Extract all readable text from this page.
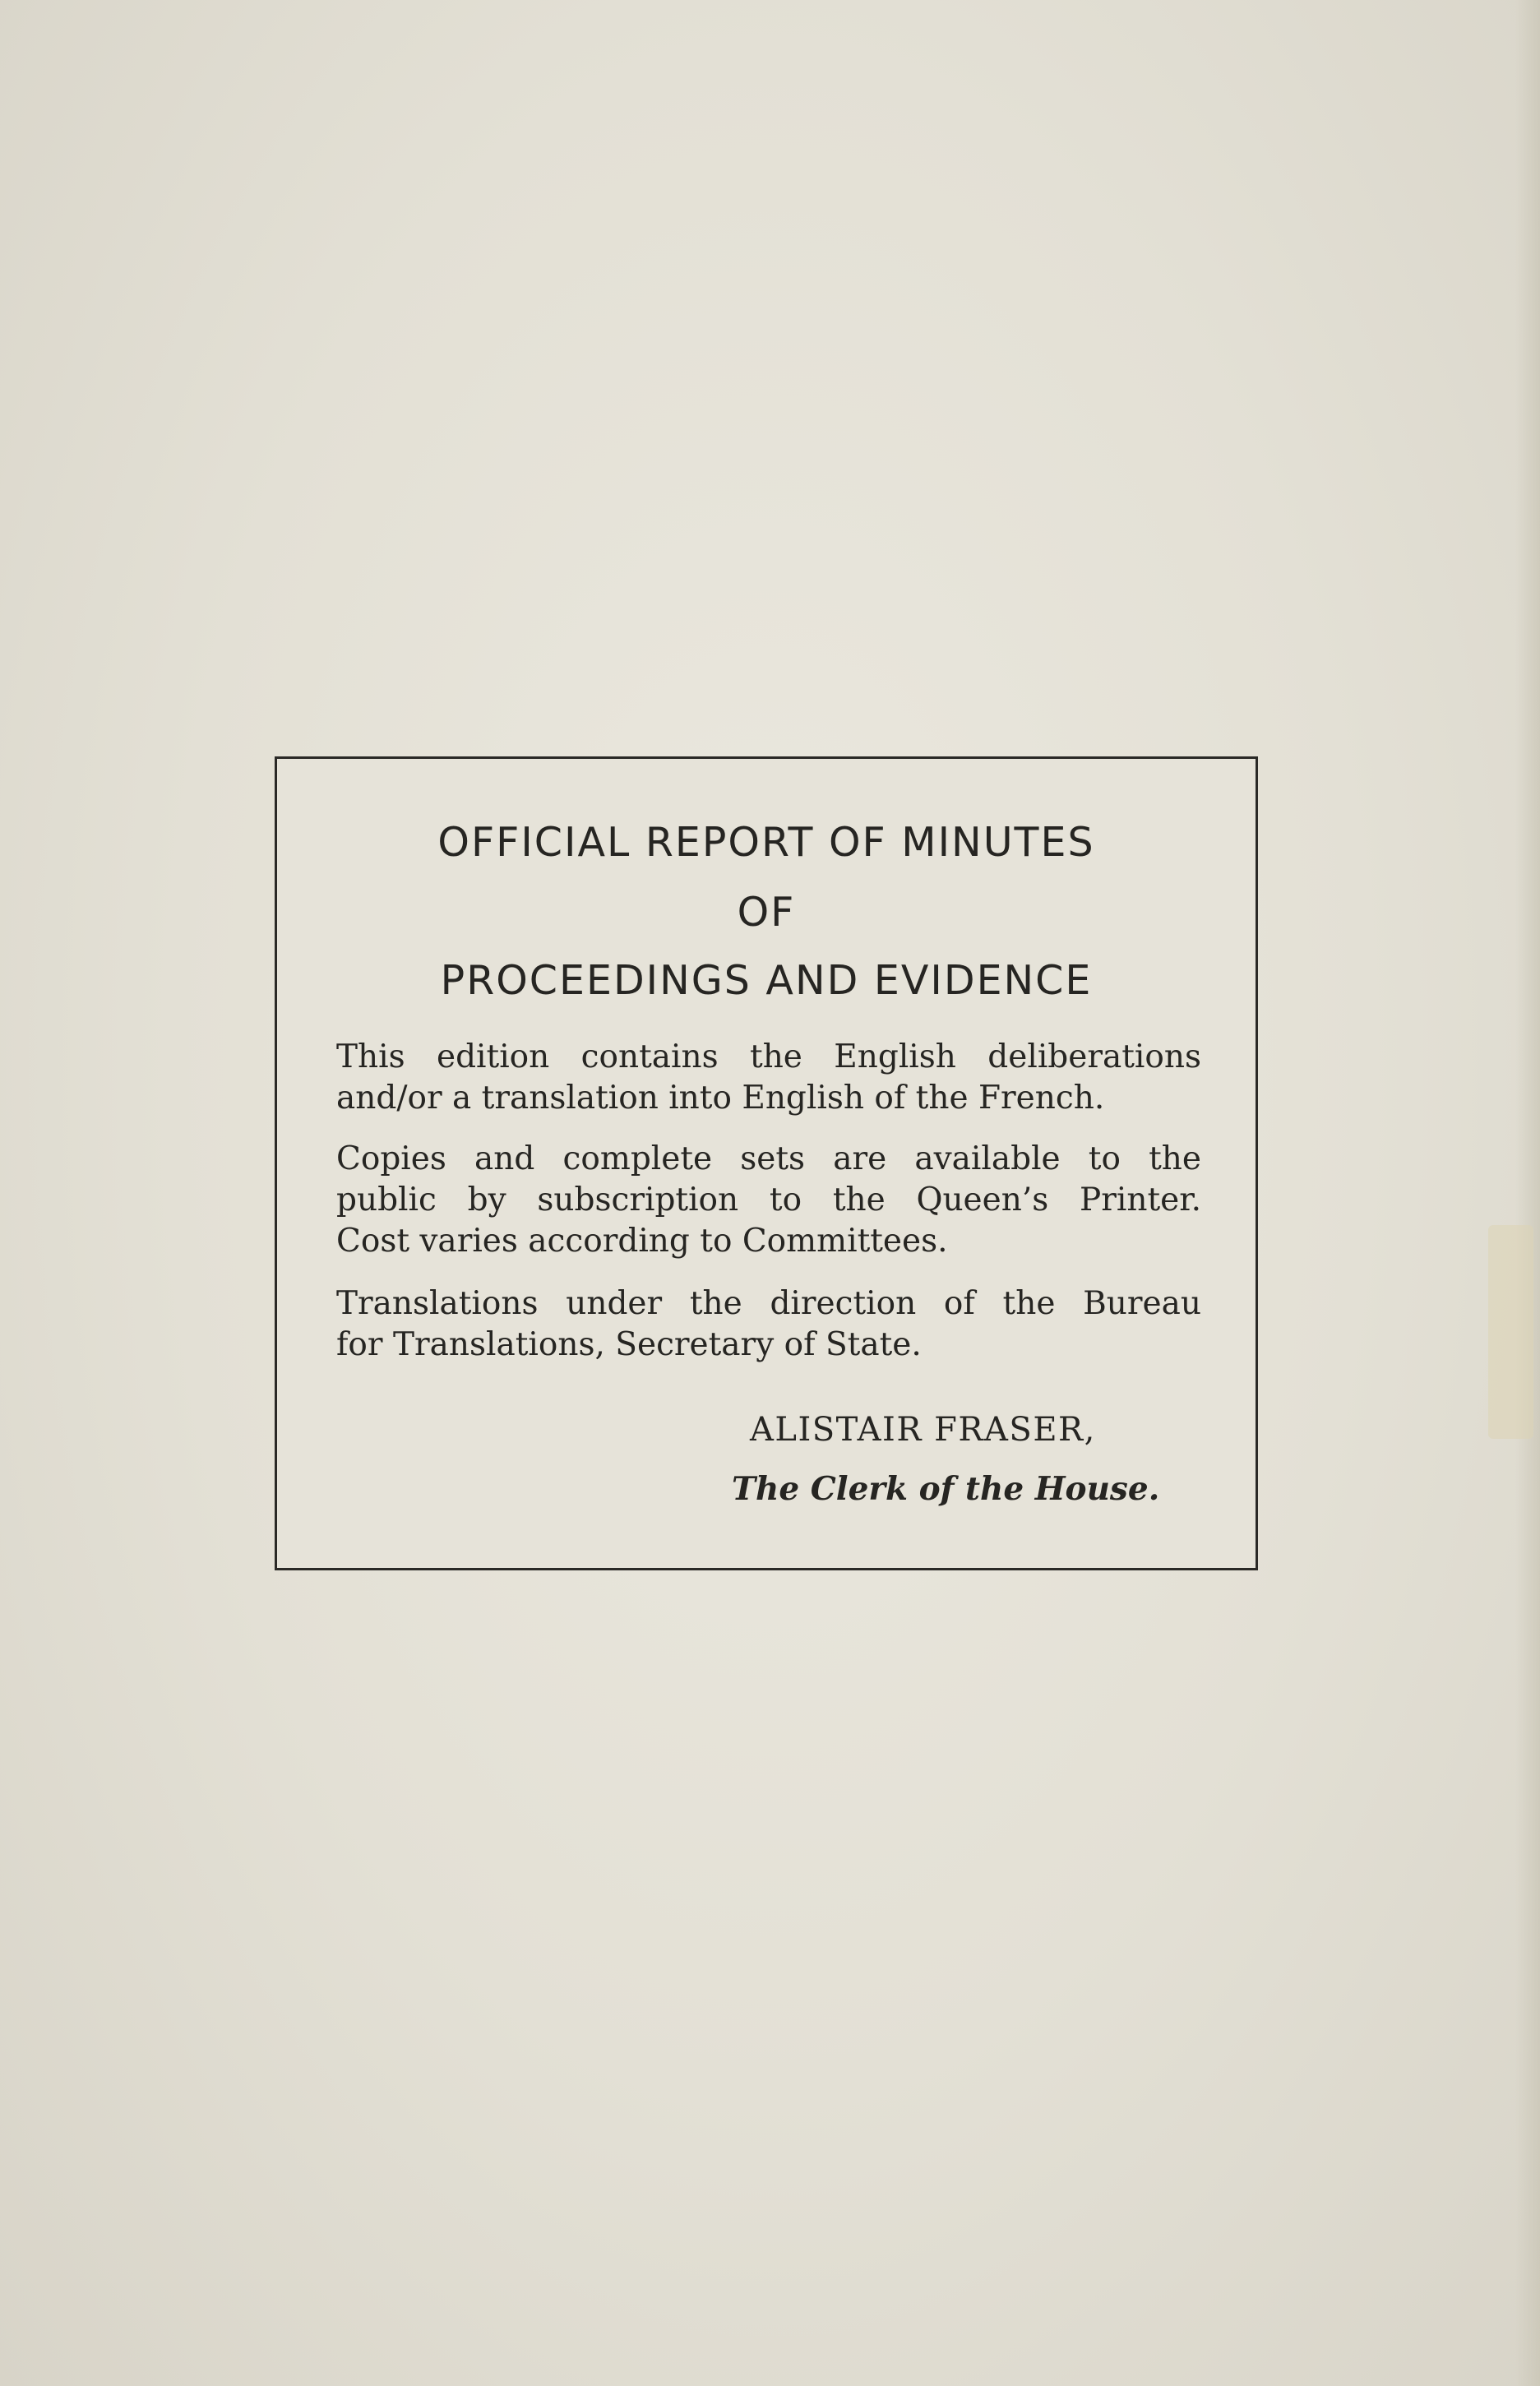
OFFICIAL REPORT OF MINUTES
OF
PROCEEDINGS AND EVIDENCE
This edition contains the English deliberations
and/or a translation into English of the French.
Copies and complete sets are available to the
public by subscription to the Queen’s Printer.
Cost varies according to Committees.
Translations under the direction of the Bureau
for Translations, Secretary of State.
ALISTAIR FRASER,
The Clerk of the House.
